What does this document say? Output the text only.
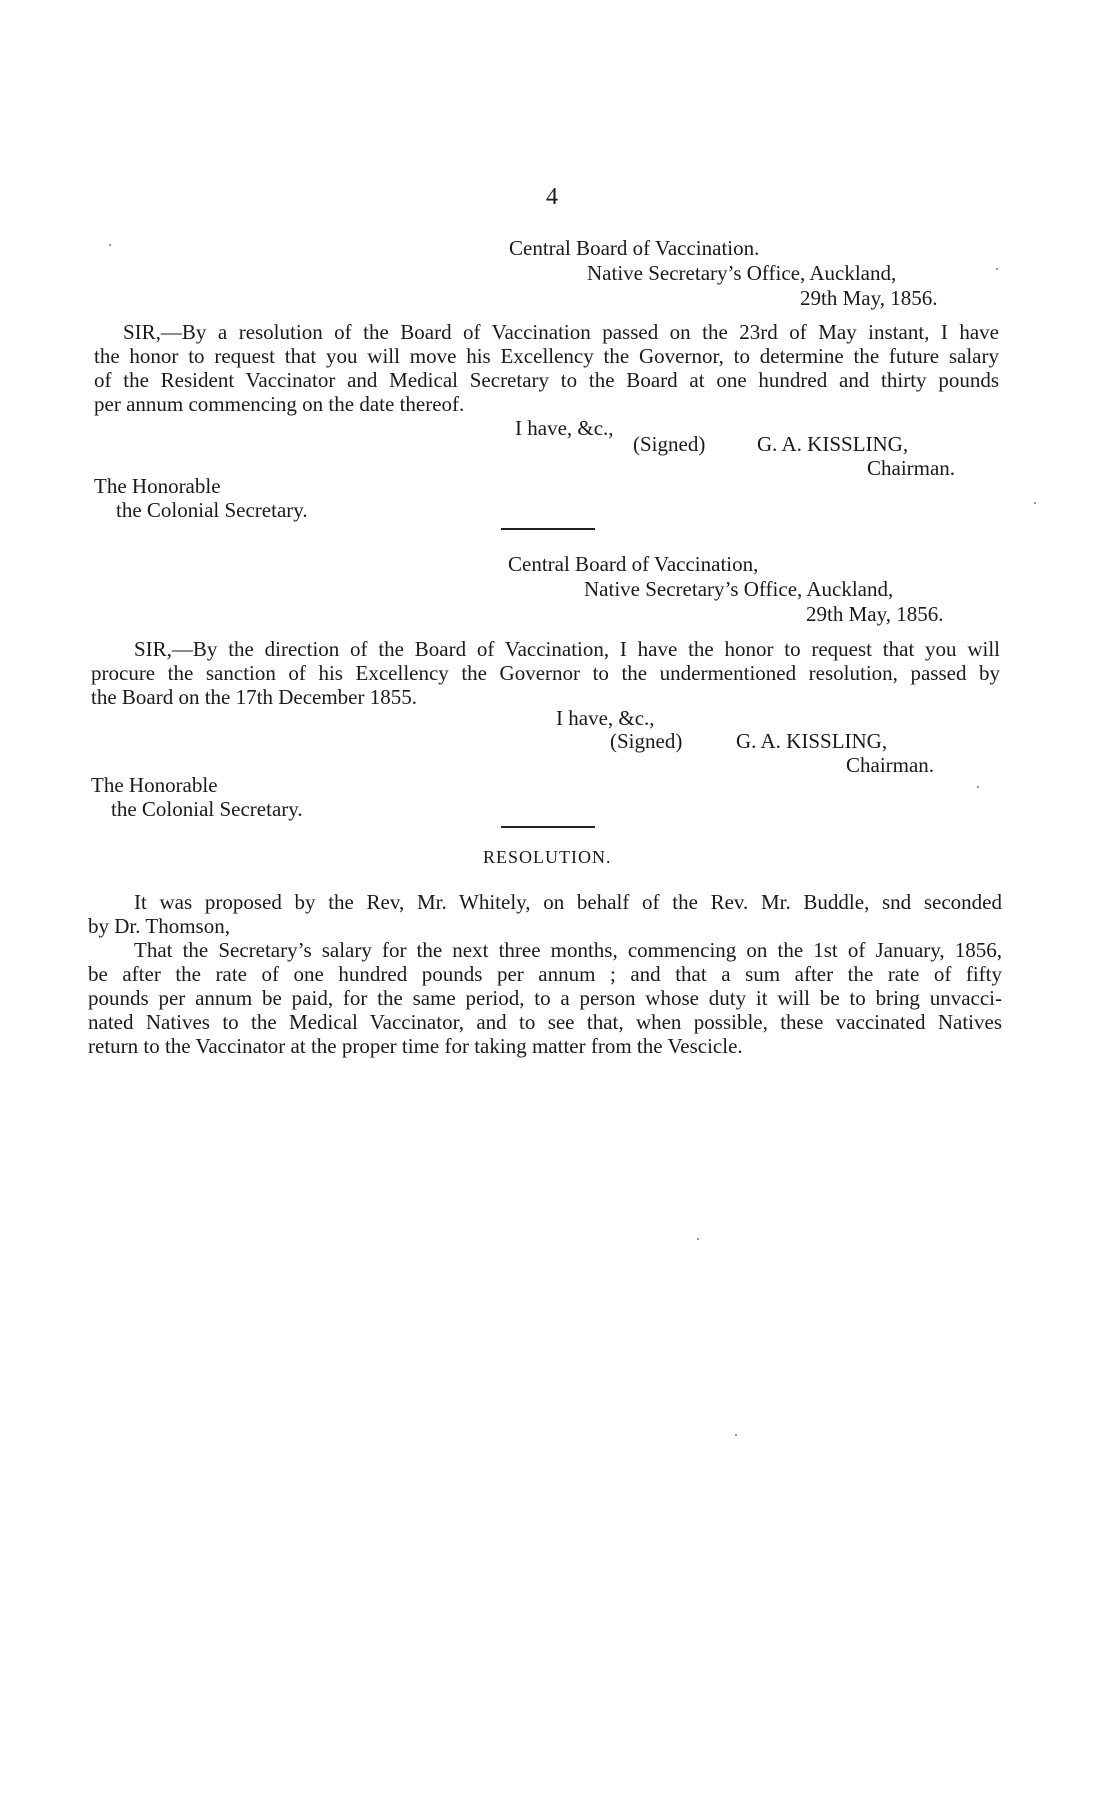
4
Central Board of Vaccination.
Native Secretary’s Office, Auckland,
29th May, 1856.
SIR,—By a resolution of the Board of Vaccination passed on the 23rd of May instant, I have
the honor to request that you will move his Excellency the Governor, to determine the future salary
of the Resident Vaccinator and Medical Secretary to the Board at one hundred and thirty pounds
per annum commencing on the date thereof.
I have, &c.,
(Signed) G. A. KISSLING,
Chairman.
The Honorable
the Colonial Secretary.
Central Board of Vaccination,
Native Secretary’s Office, Auckland,
29th May, 1856.
SIR,—By the direction of the Board of Vaccination, I have the honor to request that you will
procure the sanction of his Excellency the Governor to the undermentioned resolution, passed by
the Board on the 17th December 1855.
I have, &c.,
(Signed)	G. A. KISSLING,
Chairman.
The Honorable
the Colonial Secretary.
RESOLUTION.
It was proposed by the Rev, Mr. Whitely, on behalf of the Rev. Mr. Buddle, snd seconded
by Dr. Thomson,
That the Secretary’s salary for the next three months, commencing on the 1st of January, 1856,
be after the rate of one hundred pounds per annum ; and that a sum after the rate of fifty
pounds per annum be paid, for the same period, to a person whose duty it will be to bring unvacci-
nated Natives to the Medical Vaccinator, and to see that, when possible, these vaccinated Natives
return to the Vaccinator at the proper time for taking matter from the Vescicle.
